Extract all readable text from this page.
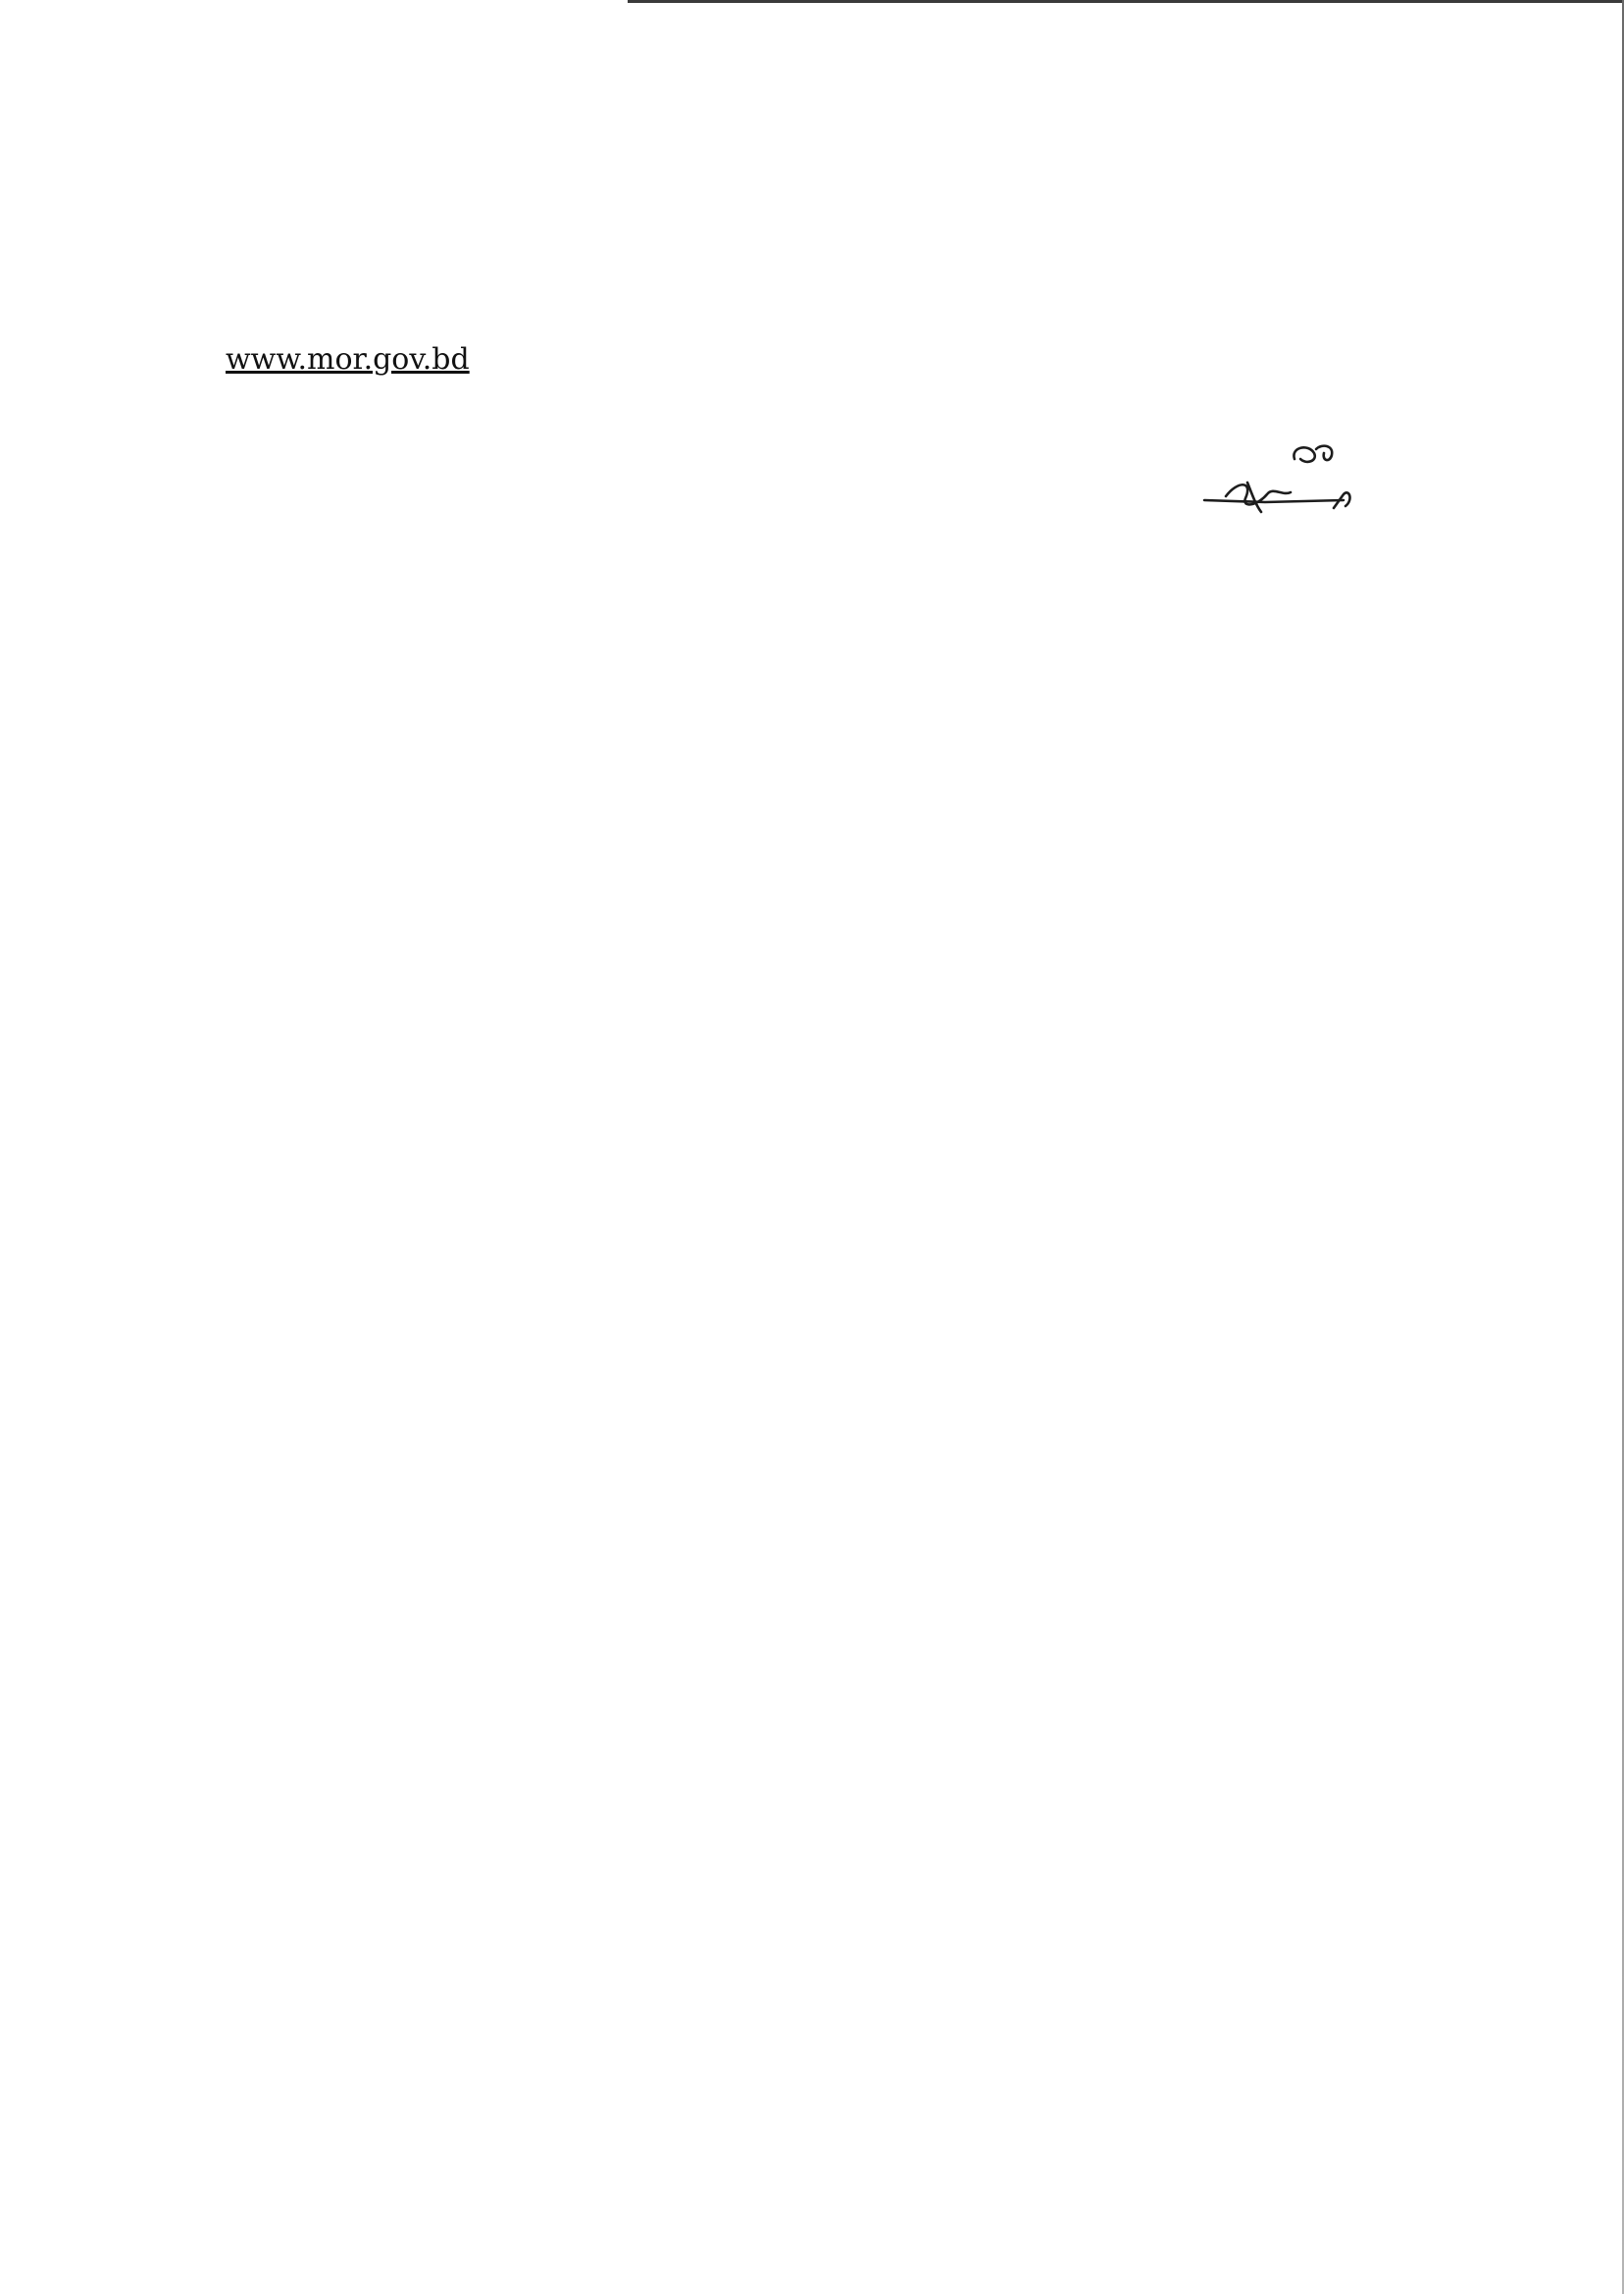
www.mor.gov.bd
